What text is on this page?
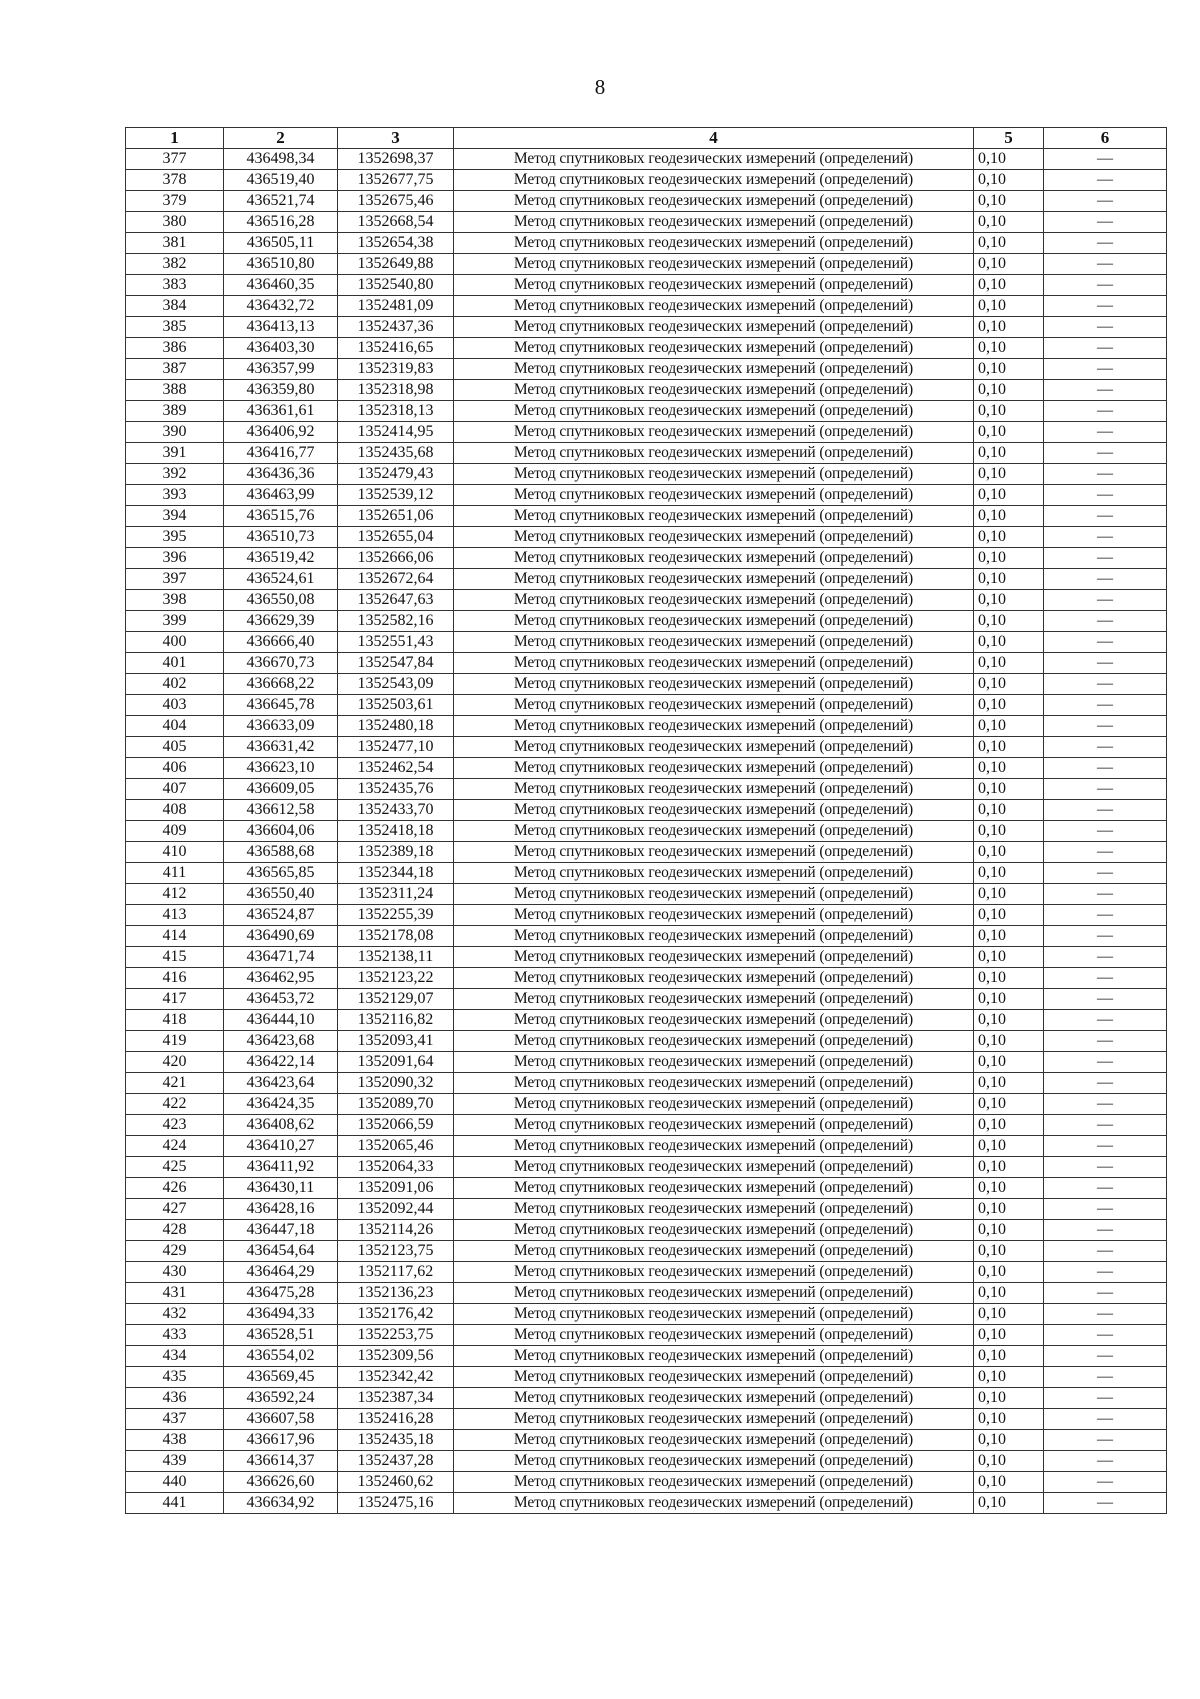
8
1	2	3	4	5	6
377	436498,34	1352698,37	Метод спутниковых геодезических измерений (определений)	0,10	—
378	436519,40	1352677,75	Метод спутниковых геодезических измерений (определений)	0,10	—
379	436521,74	1352675,46	Метод спутниковых геодезических измерений (определений)	0,10	—
380	436516,28	1352668,54	Метод спутниковых геодезических измерений (определений)	0,10	—
381	436505,11	1352654,38	Метод спутниковых геодезических измерений (определений)	0,10	—
382	436510,80	1352649,88	Метод спутниковых геодезических измерений (определений)	0,10	—
383	436460,35	1352540,80	Метод спутниковых геодезических измерений (определений)	0,10	—
384	436432,72	1352481,09	Метод спутниковых геодезических измерений (определений)	0,10	—
385	436413,13	1352437,36	Метод спутниковых геодезических измерений (определений)	0,10	—
386	436403,30	1352416,65	Метод спутниковых геодезических измерений (определений)	0,10	—
387	436357,99	1352319,83	Метод спутниковых геодезических измерений (определений)	0,10	—
388	436359,80	1352318,98	Метод спутниковых геодезических измерений (определений)	0,10	—
389	436361,61	1352318,13	Метод спутниковых геодезических измерений (определений)	0,10	—
390	436406,92	1352414,95	Метод спутниковых геодезических измерений (определений)	0,10	—
391	436416,77	1352435,68	Метод спутниковых геодезических измерений (определений)	0,10	—
392	436436,36	1352479,43	Метод спутниковых геодезических измерений (определений)	0,10	—
393	436463,99	1352539,12	Метод спутниковых геодезических измерений (определений)	0,10	—
394	436515,76	1352651,06	Метод спутниковых геодезических измерений (определений)	0,10	—
395	436510,73	1352655,04	Метод спутниковых геодезических измерений (определений)	0,10	—
396	436519,42	1352666,06	Метод спутниковых геодезических измерений (определений)	0,10	—
397	436524,61	1352672,64	Метод спутниковых геодезических измерений (определений)	0,10	—
398	436550,08	1352647,63	Метод спутниковых геодезических измерений (определений)	0,10	—
399	436629,39	1352582,16	Метод спутниковых геодезических измерений (определений)	0,10	—
400	436666,40	1352551,43	Метод спутниковых геодезических измерений (определений)	0,10	—
401	436670,73	1352547,84	Метод спутниковых геодезических измерений (определений)	0,10	—
402	436668,22	1352543,09	Метод спутниковых геодезических измерений (определений)	0,10	—
403	436645,78	1352503,61	Метод спутниковых геодезических измерений (определений)	0,10	—
404	436633,09	1352480,18	Метод спутниковых геодезических измерений (определений)	0,10	—
405	436631,42	1352477,10	Метод спутниковых геодезических измерений (определений)	0,10	—
406	436623,10	1352462,54	Метод спутниковых геодезических измерений (определений)	0,10	—
407	436609,05	1352435,76	Метод спутниковых геодезических измерений (определений)	0,10	—
408	436612,58	1352433,70	Метод спутниковых геодезических измерений (определений)	0,10	—
409	436604,06	1352418,18	Метод спутниковых геодезических измерений (определений)	0,10	—
410	436588,68	1352389,18	Метод спутниковых геодезических измерений (определений)	0,10	—
411	436565,85	1352344,18	Метод спутниковых геодезических измерений (определений)	0,10	—
412	436550,40	1352311,24	Метод спутниковых геодезических измерений (определений)	0,10	—
413	436524,87	1352255,39	Метод спутниковых геодезических измерений (определений)	0,10	—
414	436490,69	1352178,08	Метод спутниковых геодезических измерений (определений)	0,10	—
415	436471,74	1352138,11	Метод спутниковых геодезических измерений (определений)	0,10	—
416	436462,95	1352123,22	Метод спутниковых геодезических измерений (определений)	0,10	—
417	436453,72	1352129,07	Метод спутниковых геодезических измерений (определений)	0,10	—
418	436444,10	1352116,82	Метод спутниковых геодезических измерений (определений)	0,10	—
419	436423,68	1352093,41	Метод спутниковых геодезических измерений (определений)	0,10	—
420	436422,14	1352091,64	Метод спутниковых геодезических измерений (определений)	0,10	—
421	436423,64	1352090,32	Метод спутниковых геодезических измерений (определений)	0,10	—
422	436424,35	1352089,70	Метод спутниковых геодезических измерений (определений)	0,10	—
423	436408,62	1352066,59	Метод спутниковых геодезических измерений (определений)	0,10	—
424	436410,27	1352065,46	Метод спутниковых геодезических измерений (определений)	0,10	—
425	436411,92	1352064,33	Метод спутниковых геодезических измерений (определений)	0,10	—
426	436430,11	1352091,06	Метод спутниковых геодезических измерений (определений)	0,10	—
427	436428,16	1352092,44	Метод спутниковых геодезических измерений (определений)	0,10	—
428	436447,18	1352114,26	Метод спутниковых геодезических измерений (определений)	0,10	—
429	436454,64	1352123,75	Метод спутниковых геодезических измерений (определений)	0,10	—
430	436464,29	1352117,62	Метод спутниковых геодезических измерений (определений)	0,10	—
431	436475,28	1352136,23	Метод спутниковых геодезических измерений (определений)	0,10	—
432	436494,33	1352176,42	Метод спутниковых геодезических измерений (определений)	0,10	—
433	436528,51	1352253,75	Метод спутниковых геодезических измерений (определений)	0,10	—
434	436554,02	1352309,56	Метод спутниковых геодезических измерений (определений)	0,10	—
435	436569,45	1352342,42	Метод спутниковых геодезических измерений (определений)	0,10	—
436	436592,24	1352387,34	Метод спутниковых геодезических измерений (определений)	0,10	—
437	436607,58	1352416,28	Метод спутниковых геодезических измерений (определений)	0,10	—
438	436617,96	1352435,18	Метод спутниковых геодезических измерений (определений)	0,10	—
439	436614,37	1352437,28	Метод спутниковых геодезических измерений (определений)	0,10	—
440	436626,60	1352460,62	Метод спутниковых геодезических измерений (определений)	0,10	—
441	436634,92	1352475,16	Метод спутниковых геодезических измерений (определений)	0,10	—
